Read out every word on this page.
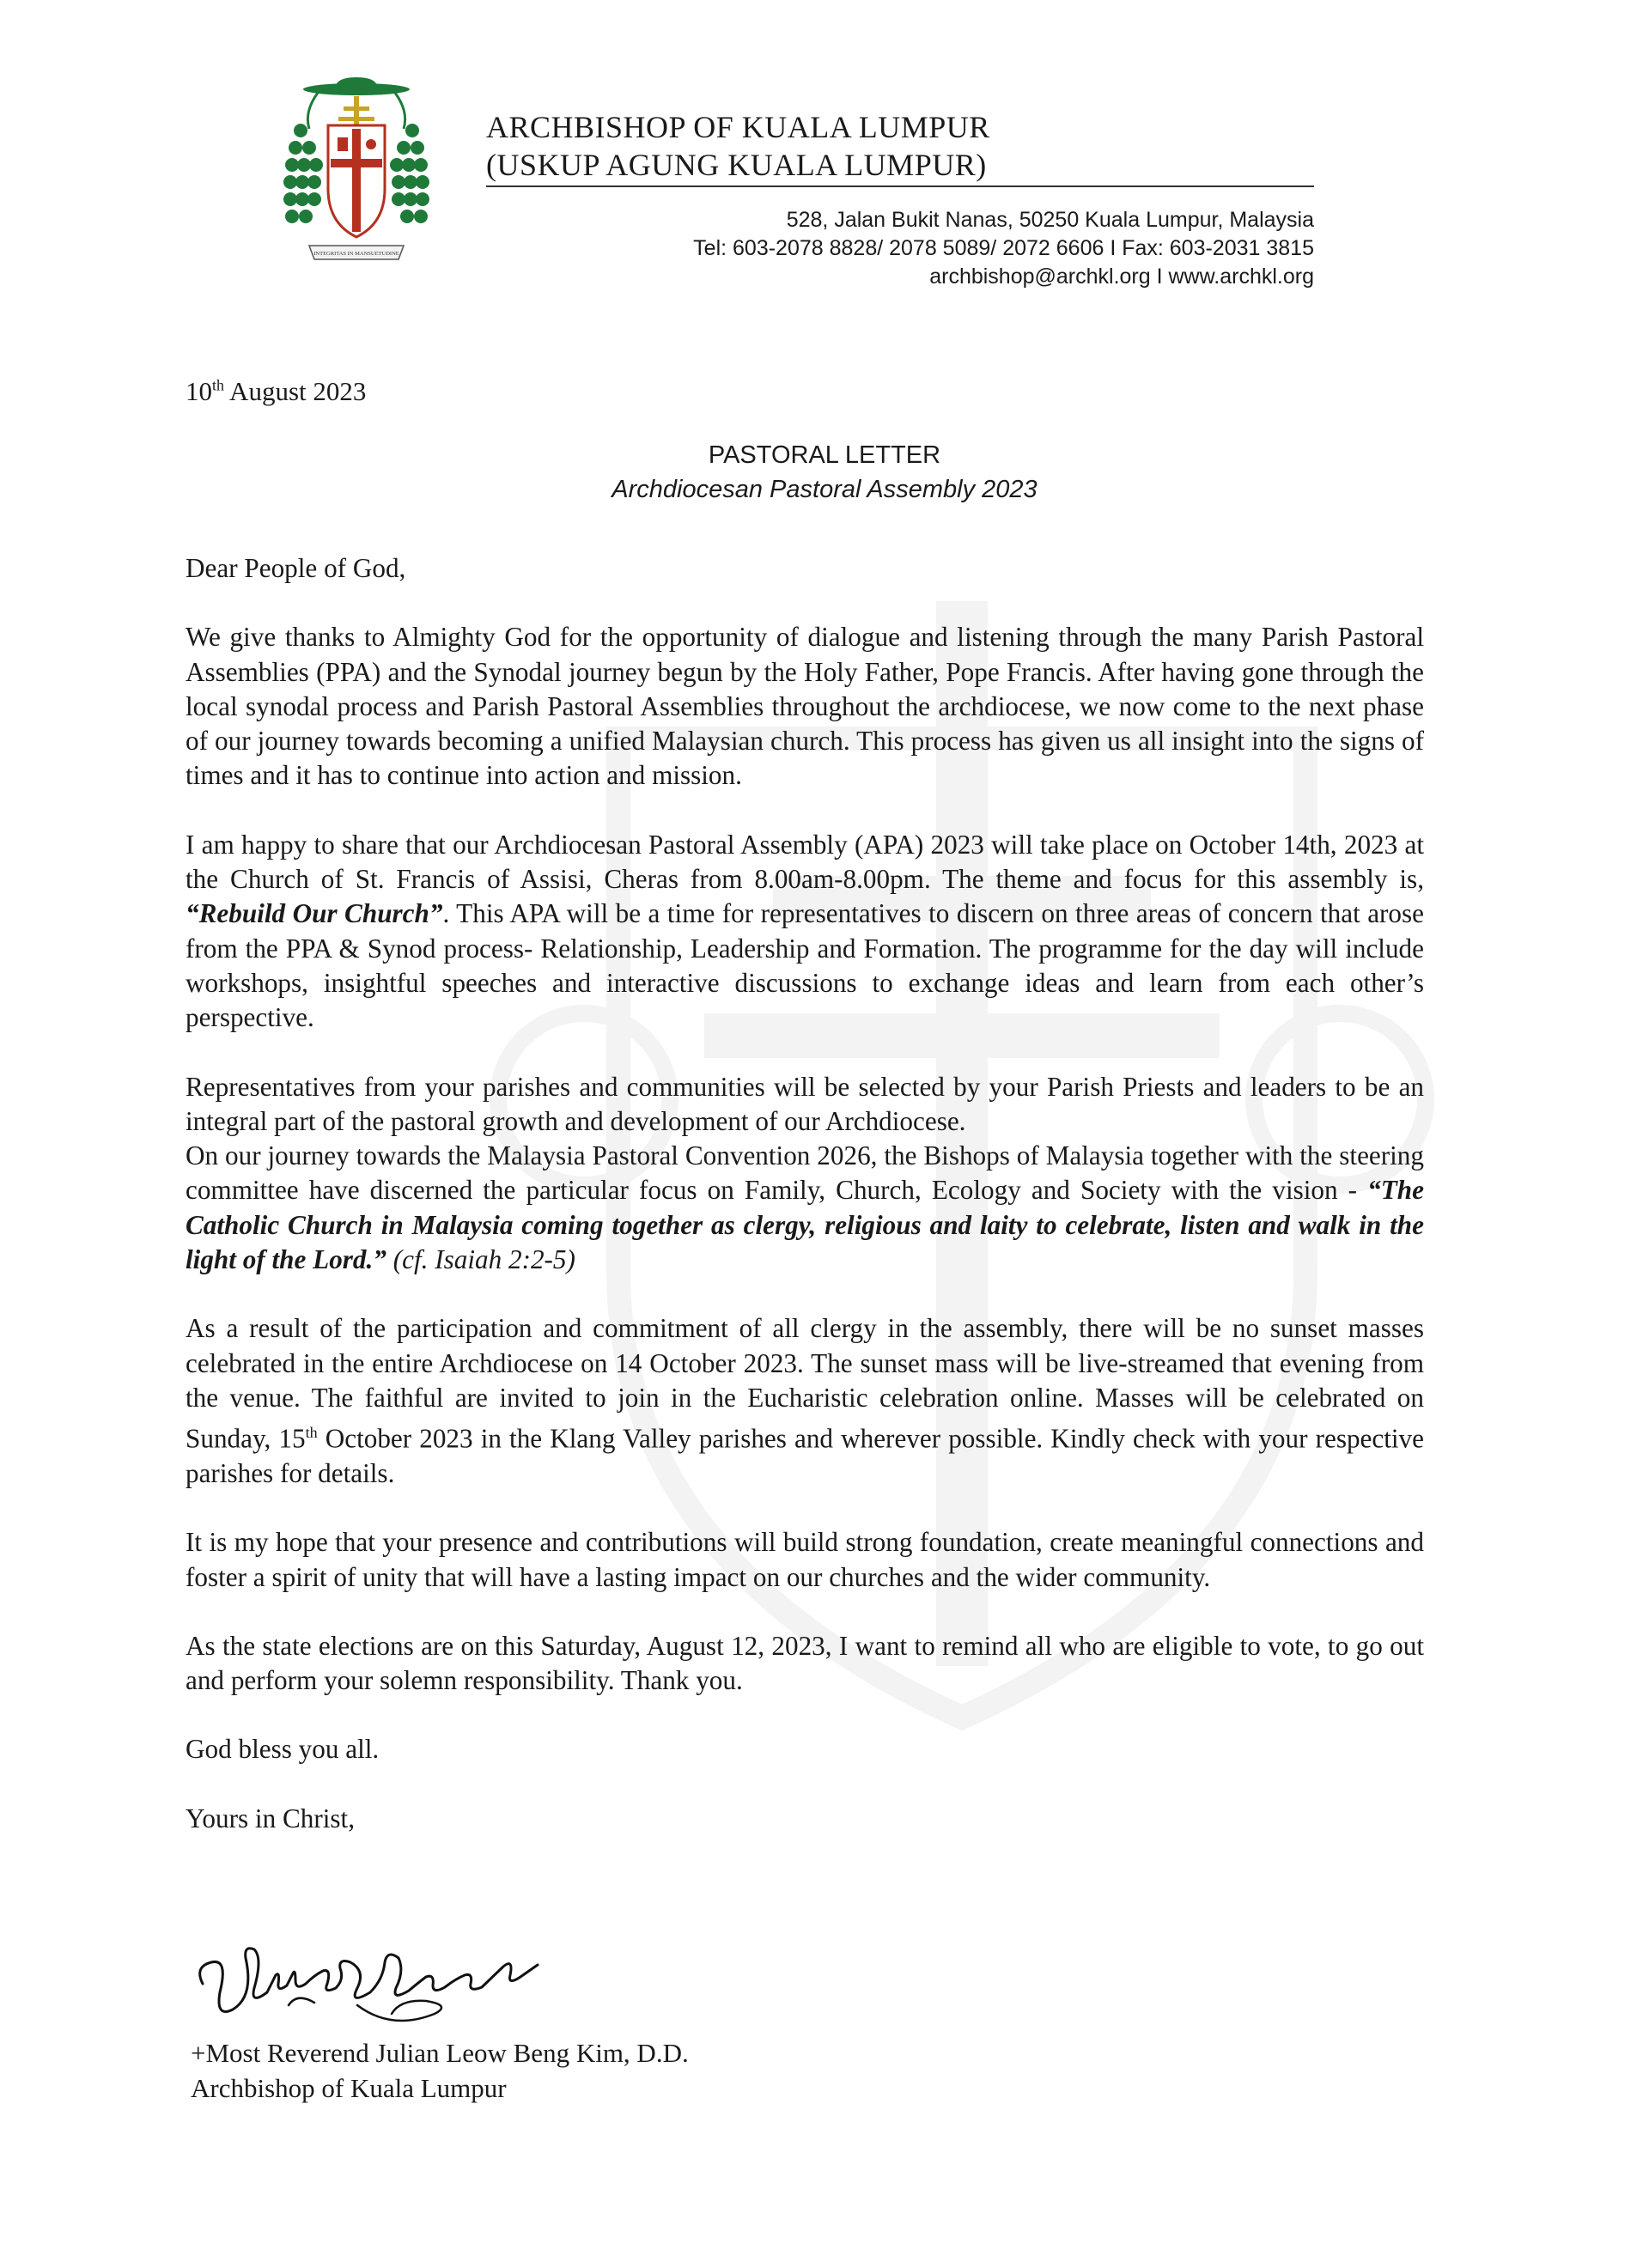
INTEGRITAS IN MANSUETUDINE
ARCHBISHOP OF KUALA LUMPUR
(USKUP AGUNG KUALA LUMPUR)
528, Jalan Bukit Nanas, 50250 Kuala Lumpur, Malaysia
Tel: 603-2078 8828/ 2078 5089/ 2072 6606 I Fax: 603-2031 3815
archbishop@archkl.org I www.archkl.org
10th August 2023
PASTORAL LETTER
Archdiocesan Pastoral Assembly 2023

Dear People of God,

We give thanks to Almighty God for the opportunity of dialogue and listening through the many Parish Pastoral Assemblies (PPA) and the Synodal journey begun by the Holy Father, Pope Francis. After having gone through the local synodal process and Parish Pastoral Assemblies throughout the archdiocese, we now come to the next phase of our journey towards becoming a unified Malaysian church. This process has given us all insight into the signs of times and it has to continue into action and mission.

I am happy to share that our Archdiocesan Pastoral Assembly (APA) 2023 will take place on October 14th, 2023 at the Church of St. Francis of Assisi, Cheras from 8.00am-8.00pm. The theme and focus for this assembly is, “Rebuild Our Church”. This APA will be a time for representatives to discern on three areas of concern that arose from the PPA & Synod process- Relationship, Leadership and Formation. The programme for the day will include workshops, insightful speeches and interactive discussions to exchange ideas and learn from each other’s perspective.

Representatives from your parishes and communities will be selected by your Parish Priests and leaders to be an integral part of the pastoral growth and development of our Archdiocese.

On our journey towards the Malaysia Pastoral Convention 2026, the Bishops of Malaysia together with the steering committee have discerned the particular focus on Family, Church, Ecology and Society with the vision - “The Catholic Church in Malaysia coming together as clergy, religious and laity to celebrate, listen and walk in the light of the Lord.” (cf. Isaiah 2:2-5)

As a result of the participation and commitment of all clergy in the assembly, there will be no sunset masses celebrated in the entire Archdiocese on 14 October 2023. The sunset mass will be live-streamed that evening from the venue. The faithful are invited to join in the Eucharistic celebration online. Masses will be celebrated on Sunday, 15th October 2023 in the Klang Valley parishes and wherever possible. Kindly check with your respective parishes for details.

It is my hope that your presence and contributions will build strong foundation, create meaningful connections and foster a spirit of unity that will have a lasting impact on our churches and the wider community.

As the state elections are on this Saturday, August 12, 2023, I want to remind all who are eligible to vote, to go out and perform your solemn responsibility. Thank you.

God bless you all.

Yours in Christ,

+Most Reverend Julian Leow Beng Kim, D.D.
Archbishop of Kuala Lumpur
